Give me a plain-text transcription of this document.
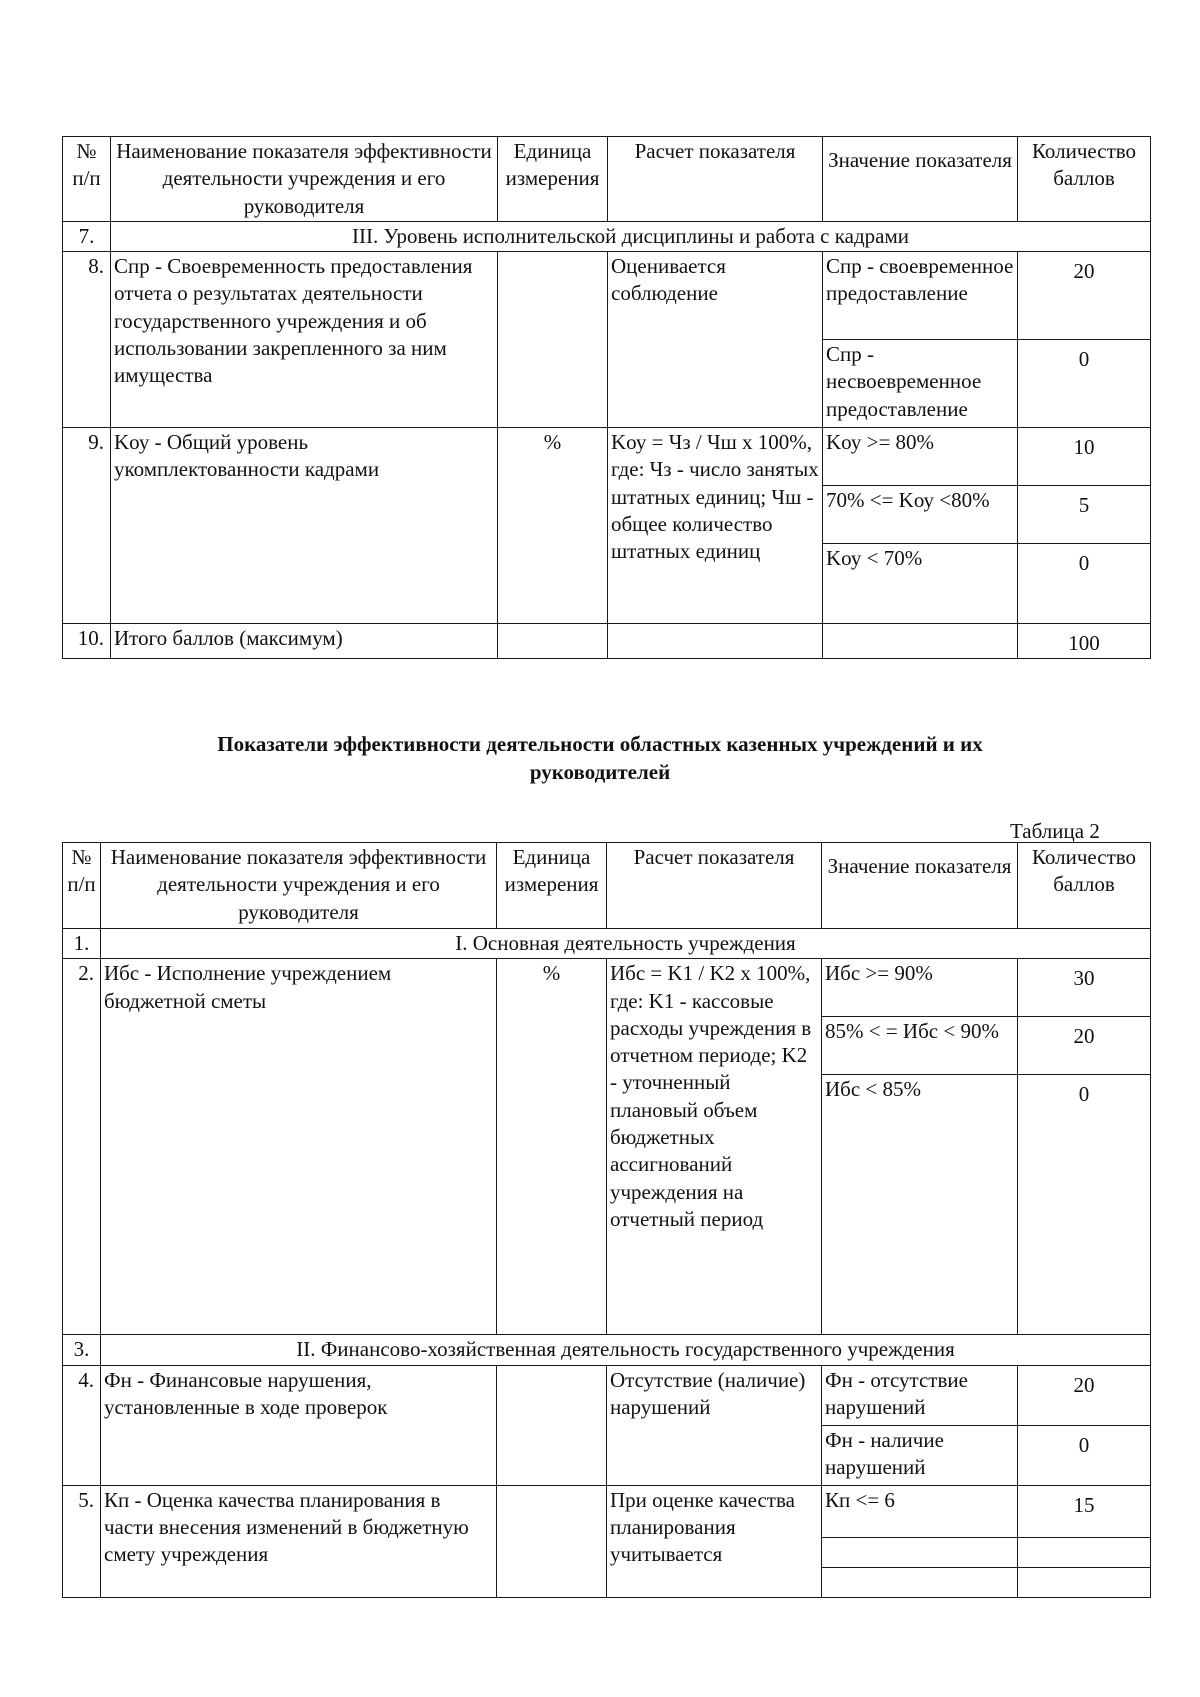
№ п/п	Наименование показателя эффективности деятельности учреждения и его руководителя	Единица измерения	Расчет показателя	Значение показателя	Количество баллов
7.	III. Уровень исполнительской дисциплины и работа с кадрами				
8.	Cпр - Своевременность предоставления отчета о результатах деятельности государственного учреждения и об использовании закрепленного за ним имущества		Оценивается соблюдение	Cпр - своевременное предоставление	20
				Cпр - несвоевременное предоставление	0
9.	Kоу - Общий уровень укомплектованности кадрами	%	Kоу = Чз / Чш х 100%, где: Чз - число занятых штатных единиц; Чш - общее количество штатных единиц	Kоу >= 80%	10
				70% <= Kоу <80%	5
				Kоу < 70%	0
10.	Итого баллов (максимум)				100
Показатели эффективности деятельности областных казенных учреждений и их
руководителей
Таблица 2
№ п/п	Наименование показателя эффективности деятельности учреждения и его руководителя	Единица измерения	Расчет показателя	Значение показателя	Количество баллов
1.	I. Основная деятельность учреждения				
2.	Ибс - Исполнение учреждением бюджетной сметы	%	Ибс = K1 / K2 х 100%, где: K1 - кассовые расходы учреждения в отчетном периоде; K2 - уточненный плановый объем бюджетных ассигнований учреждения на отчетный период	Ибс >= 90%	30
				85% < = Ибс < 90%	20
				Ибс < 85%	0
3.	II. Финансово-хозяйственная деятельность государственного учреждения				
4.	Фн - Финансовые нарушения, установленные в ходе проверок		Отсутствие (наличие) нарушений	Фн - отсутствие нарушений	20
				Фн - наличие нарушений	0
5.	Кп - Оценка качества планирования в части внесения изменений в бюджетную смету учреждения		При оценке качества планирования учитывается	Кп <= 6	15
